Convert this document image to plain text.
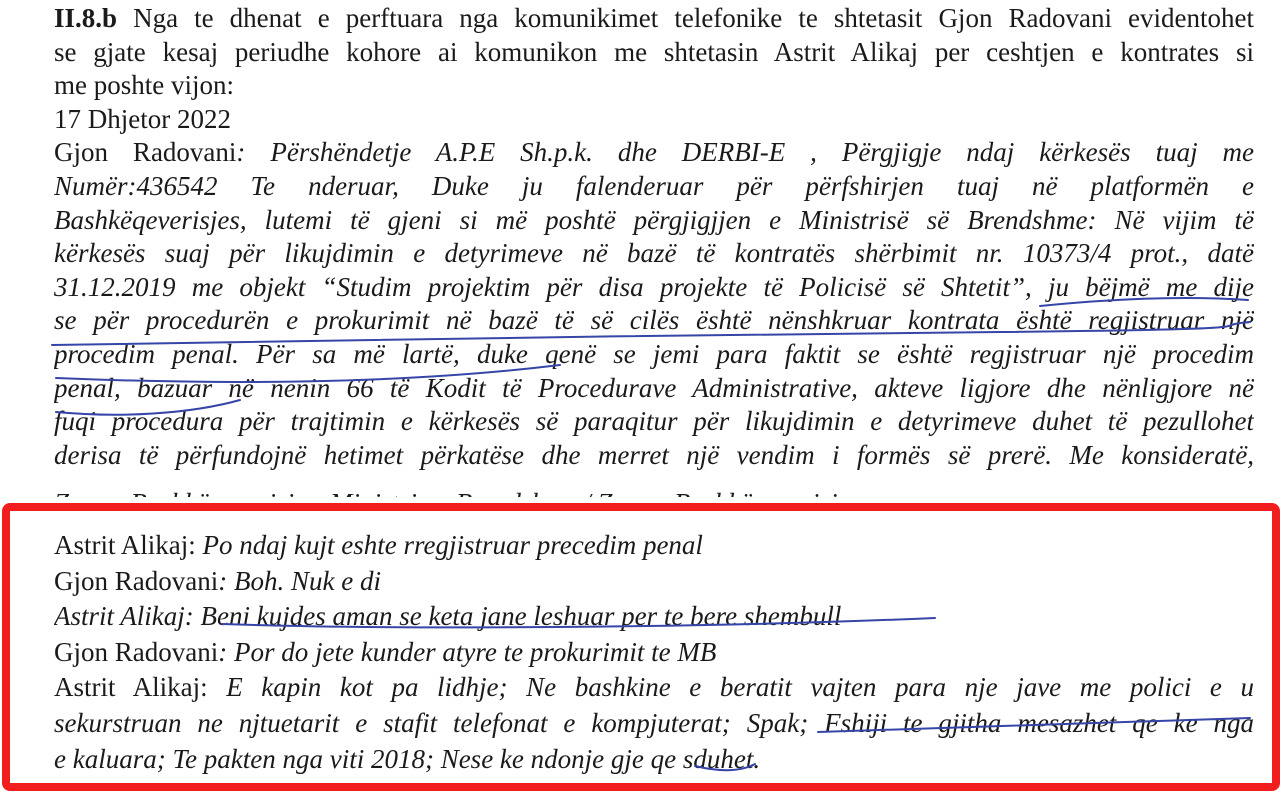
II.8.b Nga te dhenat e perftuara nga komunikimet telefonike te shtetasit Gjon Radovani evidentohet
se gjate kesaj periudhe kohore ai komunikon me shtetasin Astrit Alikaj per ceshtjen e kontrates si
me poshte vijon:
17 Dhjetor 2022
Gjon Radovani: Përshëndetje A.P.E Sh.p.k. dhe DERBI-E , Përgjigje ndaj kërkesës tuaj me
Numër:436542 Te nderuar, Duke ju falenderuar për përfshirjen tuaj në platformën e
Bashkëqeverisjes, lutemi të gjeni si më poshtë përgjigjjen e Ministrisë së Brendshme: Në vijim të
kërkesës suaj për likujdimin e detyrimeve në bazë të kontratës shërbimit nr. 10373/4 prot., datë
31.12.2019 me objekt “Studim projektim për disa projekte të Policisë së Shtetit”, ju bëjmë me dije
se për procedurën e prokurimit në bazë të së cilës është nënshkruar kontrata është regjistruar një
procedim penal. Për sa më lartë, duke qenë se jemi para faktit se është regjistruar një procedim
penal, bazuar në nenin 66 të Kodit të Procedurave Administrative, akteve ligjore dhe nënligjore në
fuqi procedura për trajtimin e kërkesës së paraqitur për likujdimin e detyrimeve duhet të pezullohet
derisa të përfundojnë hetimet përkatëse dhe merret një vendim i formës së prerë. Me konsideratë,
Astrit Alikaj: Po ndaj kujt eshte rregjistruar precedim penal
Gjon Radovani: Boh. Nuk e di
Astrit Alikaj: Beni kujdes aman se keta jane leshuar per te bere shembull
Gjon Radovani: Por do jete kunder atyre te prokurimit te MB
Astrit Alikaj: E kapin kot pa lidhje; Ne bashkine e beratit vajten para nje jave me polici e u
sekurstruan ne njtuetarit e stafit telefonat e kompjuterat; Spak; Fshiji te gjitha mesazhet qe ke nga
e kaluara; Te pakten nga viti 2018; Nese ke ndonje gje qe sduhet.
